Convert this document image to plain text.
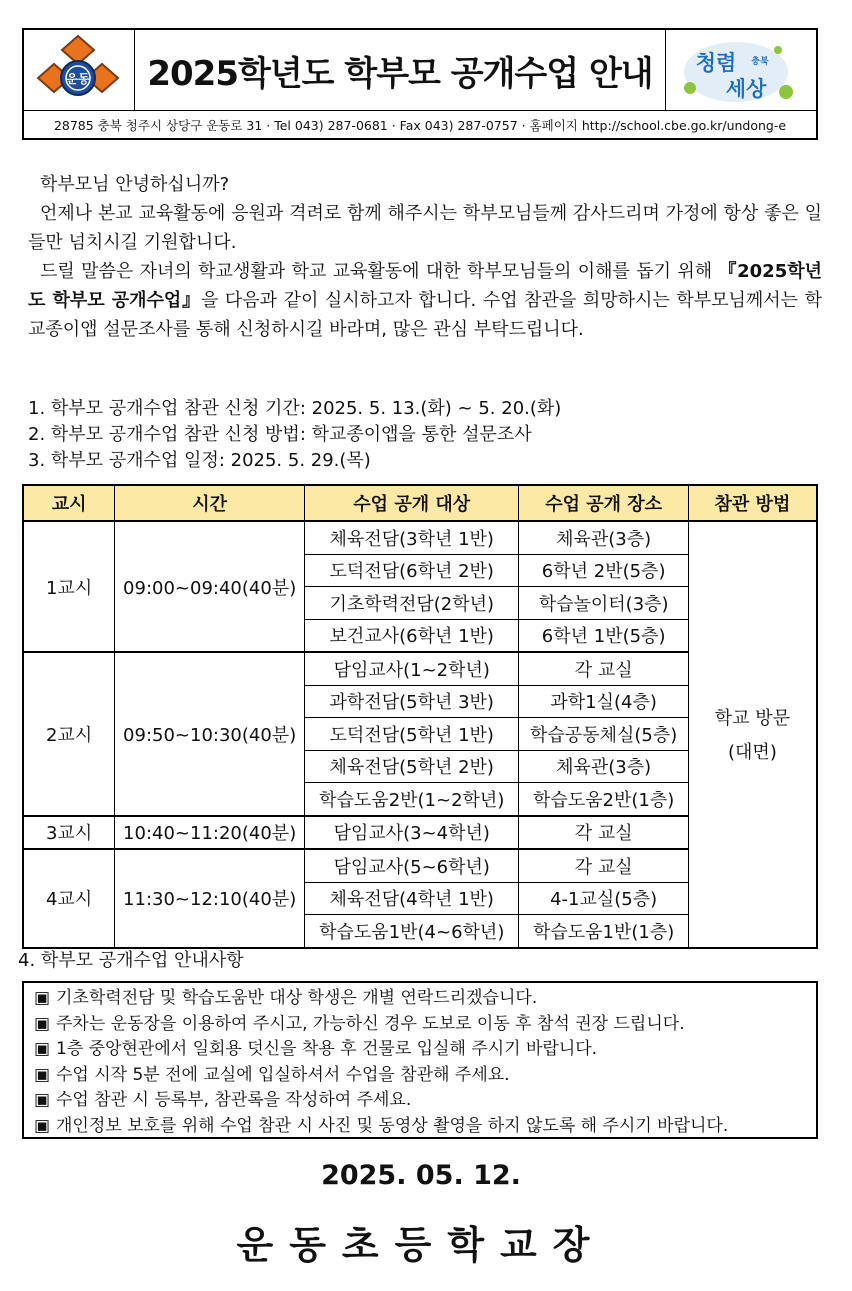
운동	2025학년도 학부모 공개수업 안내	청렴 충북
세상
28785 충북 청주시 상당구 운동로 31 · Tel 043) 287-0681 · Fax 043) 287-0757 · 홈페이지 http://school.cbe.go.kr/undong-e

학부모님 안녕하십니까?

언제나 본교 교육활동에 응원과 격려로 함께 해주시는 학부모님들께 감사드리며 가정에 항상 좋은 일들만 넘치시길 기원합니다.

드릴 말씀은 자녀의 학교생활과 학교 교육활동에 대한 학부모님들의 이해를 돕기 위해 『2025학년도 학부모 공개수업』을 다음과 같이 실시하고자 합니다. 수업 참관을 희망하시는 학부모님께서는 학교종이앱 설문조사를 통해 신청하시길 바라며, 많은 관심 부탁드립니다.

1. 학부모 공개수업 참관 신청 기간: 2025. 5. 13.(화) ~ 5. 20.(화)
2. 학부모 공개수업 참관 신청 방법: 학교종이앱을 통한 설문조사
3. 학부모 공개수업 일정: 2025. 5. 29.(목)
교시	시간	수업 공개 대상	수업 공개 장소	참관 방법
1교시	09:00~09:40(40분)	체육전담(3학년 1반)	체육관(3층)	학교 방문
(대면)

		도덕전담(6학년 2반)	6학년 2반(5층)	
		기초학력전담(2학년)	학습놀이터(3층)	
		보건교사(6학년 1반)	6학년 1반(5층)	
2교시	09:50~10:30(40분)	담임교사(1~2학년)	각 교실	
		과학전담(5학년 3반)	과학1실(4층)	
		도덕전담(5학년 1반)	학습공동체실(5층)	
		체육전담(5학년 2반)	체육관(3층)	
		학습도움2반(1~2학년)	학습도움2반(1층)	
3교시	10:40~11:20(40분)	담임교사(3~4학년)	각 교실	
4교시	11:30~12:10(40분)	담임교사(5~6학년)	각 교실	
		체육전담(4학년 1반)	4-1교실(5층)	
		학습도움1반(4~6학년)	학습도움1반(1층)	
4. 학부모 공개수업 안내사항
▣ 기초학력전담 및 학습도움반 대상 학생은 개별 연락드리겠습니다.
▣ 주차는 운동장을 이용하여 주시고, 가능하신 경우 도보로 이동 후 참석 권장 드립니다.
▣ 1층 중앙현관에서 일회용 덧신을 착용 후 건물로 입실해 주시기 바랍니다.
▣ 수업 시작 5분 전에 교실에 입실하셔서 수업을 참관해 주세요.
▣ 수업 참관 시 등록부, 참관록을 작성하여 주세요.
▣ 개인정보 보호를 위해 수업 참관 시 사진 및 동영상 촬영을 하지 않도록 해 주시기 바랍니다.
2025. 05. 12.
운동초등학교장
